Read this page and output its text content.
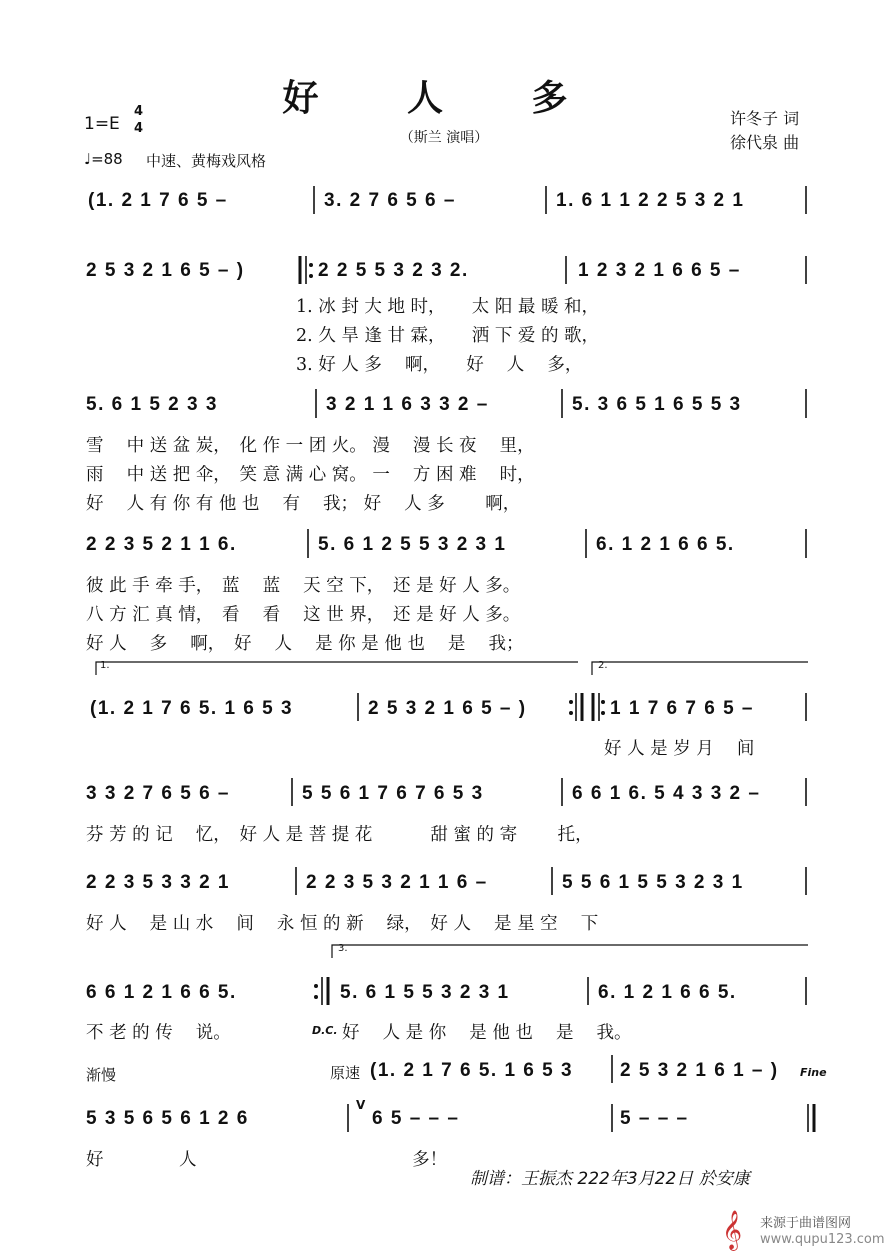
好 人 多
（斯兰 演唱）
1=E
4
4
♩=88 中速、黄梅戏风格
许冬子 词
徐代泉 曲
(1. 2 1 7 6 5 –	3. 2 7 6 5 6 –	1. 6 1 1 2 2 5 3 2 1
2 5 3 2 1 6 5 – )	2 2 5 5 3 2 3 2.	1 2 3 2 1 6 6 5 –
1. 冰 封 大 地 时，　　太 阳 最 暖 和，
2. 久 旱 逢 甘 霖，　　洒 下 爱 的 歌，
3. 好 人 多　 啊，　　好　 人　 多，
5. 6 1 5 2 3 3	3 2 1 1 6 3 3 2 –	5. 3 6 5 1 6 5 5 3
雪　 中 送 盆 炭，　化 作 一 团 火。 漫　 漫 长 夜　 里，
雨　 中 送 把 伞，　笑 意 满 心 窝。 一　 方 困 难　 时，
好　 人 有 你 有 他 也　 有　 我； 好　 人 多　　 啊，
2 2 3 5 2 1 1 6.	5. 6 1 2 5 5 3 2 3 1	6. 1 2 1 6 6 5.
彼 此 手 牵 手，　蓝　 蓝　 天 空 下，　还 是 好 人 多。
八 方 汇 真 情，　看　 看　 这 世 界，　还 是 好 人 多。
好 人　 多　 啊，　好　 人　 是 你 是 他 也　 是　 我；
1.	2.
(1. 2 1 7 6 5. 1 6 5 3	2 5 3 2 1 6 5 – )	1 1 7 6 7 6 5 –
好 人 是 岁 月　 间
3 3 2 7 6 5 6 –	5 5 6 1 7 6 7 6 5 3	6 6 1 6. 5 4 3 3 2 –
芬 芳 的 记　 忆，　好 人 是 菩 提 花　　　 甜 蜜 的 寄　　 托，
2 2 3 5 3 3 2 1	2 2 3 5 3 2 1 1 6 –	5 5 6 1 5 5 3 2 3 1
好 人　 是 山 水　 间　 永 恒 的 新　 绿，　好 人　 是 星 空　 下
3.
6 6 1 2 1 6 6 5.	5. 6 1 5 5 3 2 3 1	6. 1 2 1 6 6 5.
不 老 的 传　 说。	D.C. 好　 人 是 你　 是 他 也　 是　 我。
渐慢	原速 (1. 2 1 7 6 5. 1 6 5 3 2 5 3 2 1 6 1 – ) Fine
5 3 5 6 5 6 1 2 6
V
6 5 – – –	5 – – –
好　　　　 人　　　　　　　　　　　　 多！
制谱：王振杰 222年3月22日 於安康
𝄞	来源于曲谱图网
www.qupu123.com
